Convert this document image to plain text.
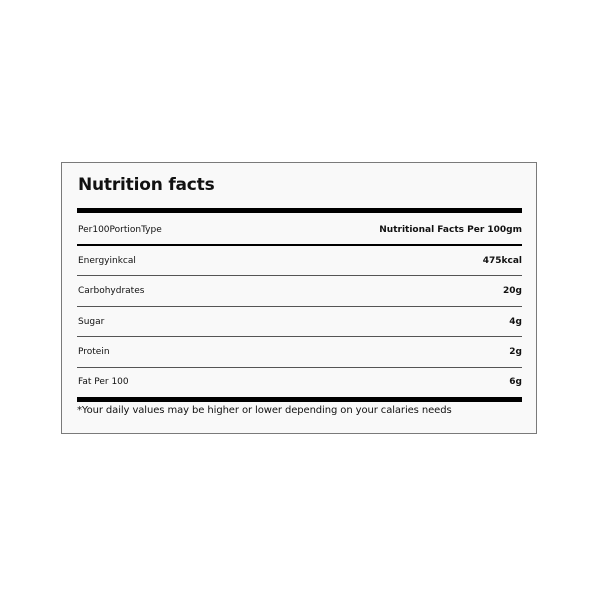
Nutrition facts
Per100PortionType	Nutritional Facts Per 100gm
Energyinkcal	475kcal
Carbohydrates	20g
Sugar	4g
Protein	2g
Fat Per 100	6g

*Your daily values may be higher or lower depending on your calaries needs
